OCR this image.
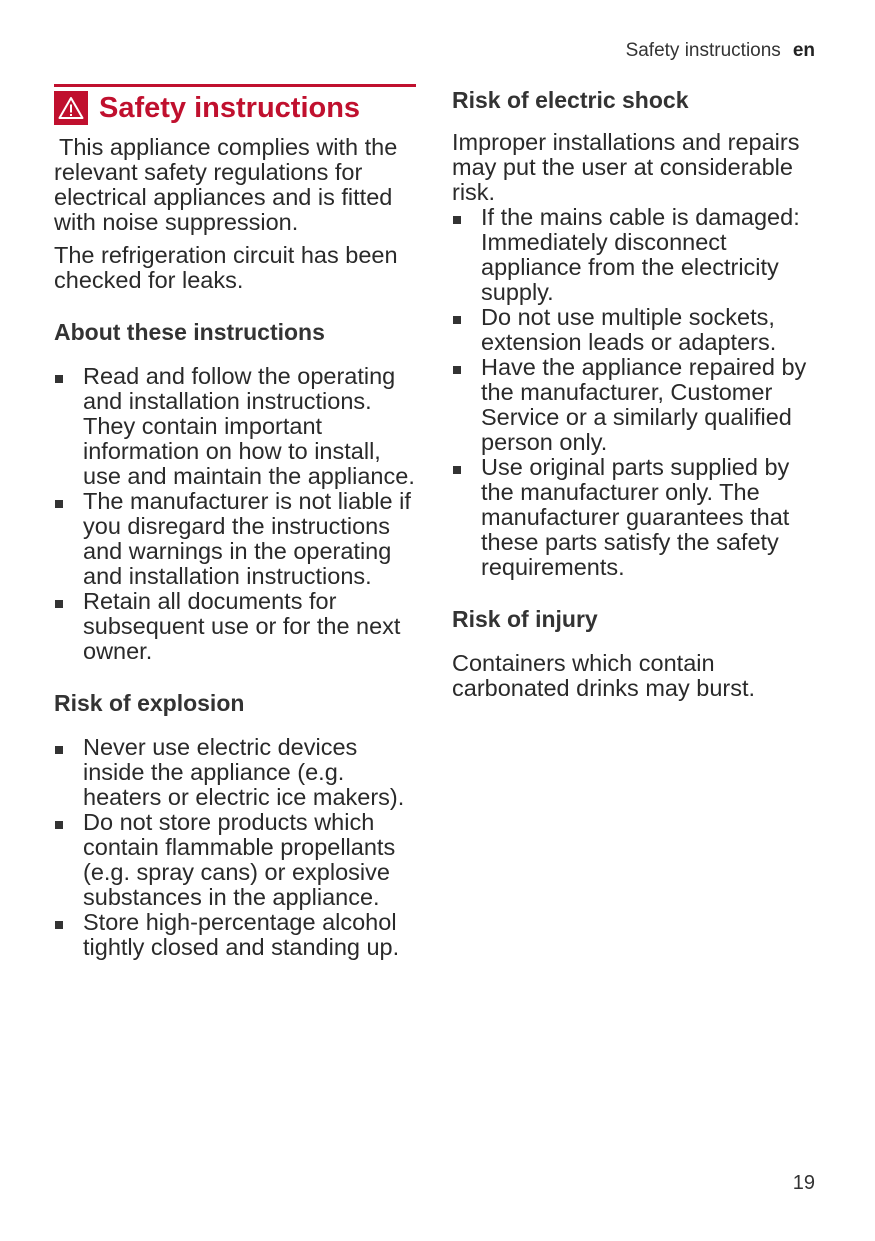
Safety instructions en
Safety instructions

This appliance complies with the relevant safety regulations for electrical appliances and is fitted with noise suppression.

The refrigeration circuit has been checked for leaks.

About these instructions
Read and follow the operating and installation instructions. They contain important information on how to install, use and maintain the appliance.
The manufacturer is not liable if you disregard the instructions and warnings in the operating and installation instructions.
Retain all documents for subsequent use or for the next owner.
Risk of explosion
Never use electric devices inside the appliance (e.g. heaters or electric ice makers).
Do not store products which contain flammable propellants (e.g. spray cans) or explosive substances in the appliance.
Store high-percentage alcohol tightly closed and standing up.
Risk of electric shock

Improper installations and repairs may put the user at considerable risk.

If the mains cable is damaged: Immediately disconnect appliance from the electricity supply.
Do not use multiple sockets, extension leads or adapters.
Have the appliance repaired by the manufacturer, Customer Service or a similarly qualified person only.
Use original parts supplied by the manufacturer only. The manufacturer guarantees that these parts satisfy the safety requirements.
Risk of injury

Containers which contain carbonated drinks may burst.

19
